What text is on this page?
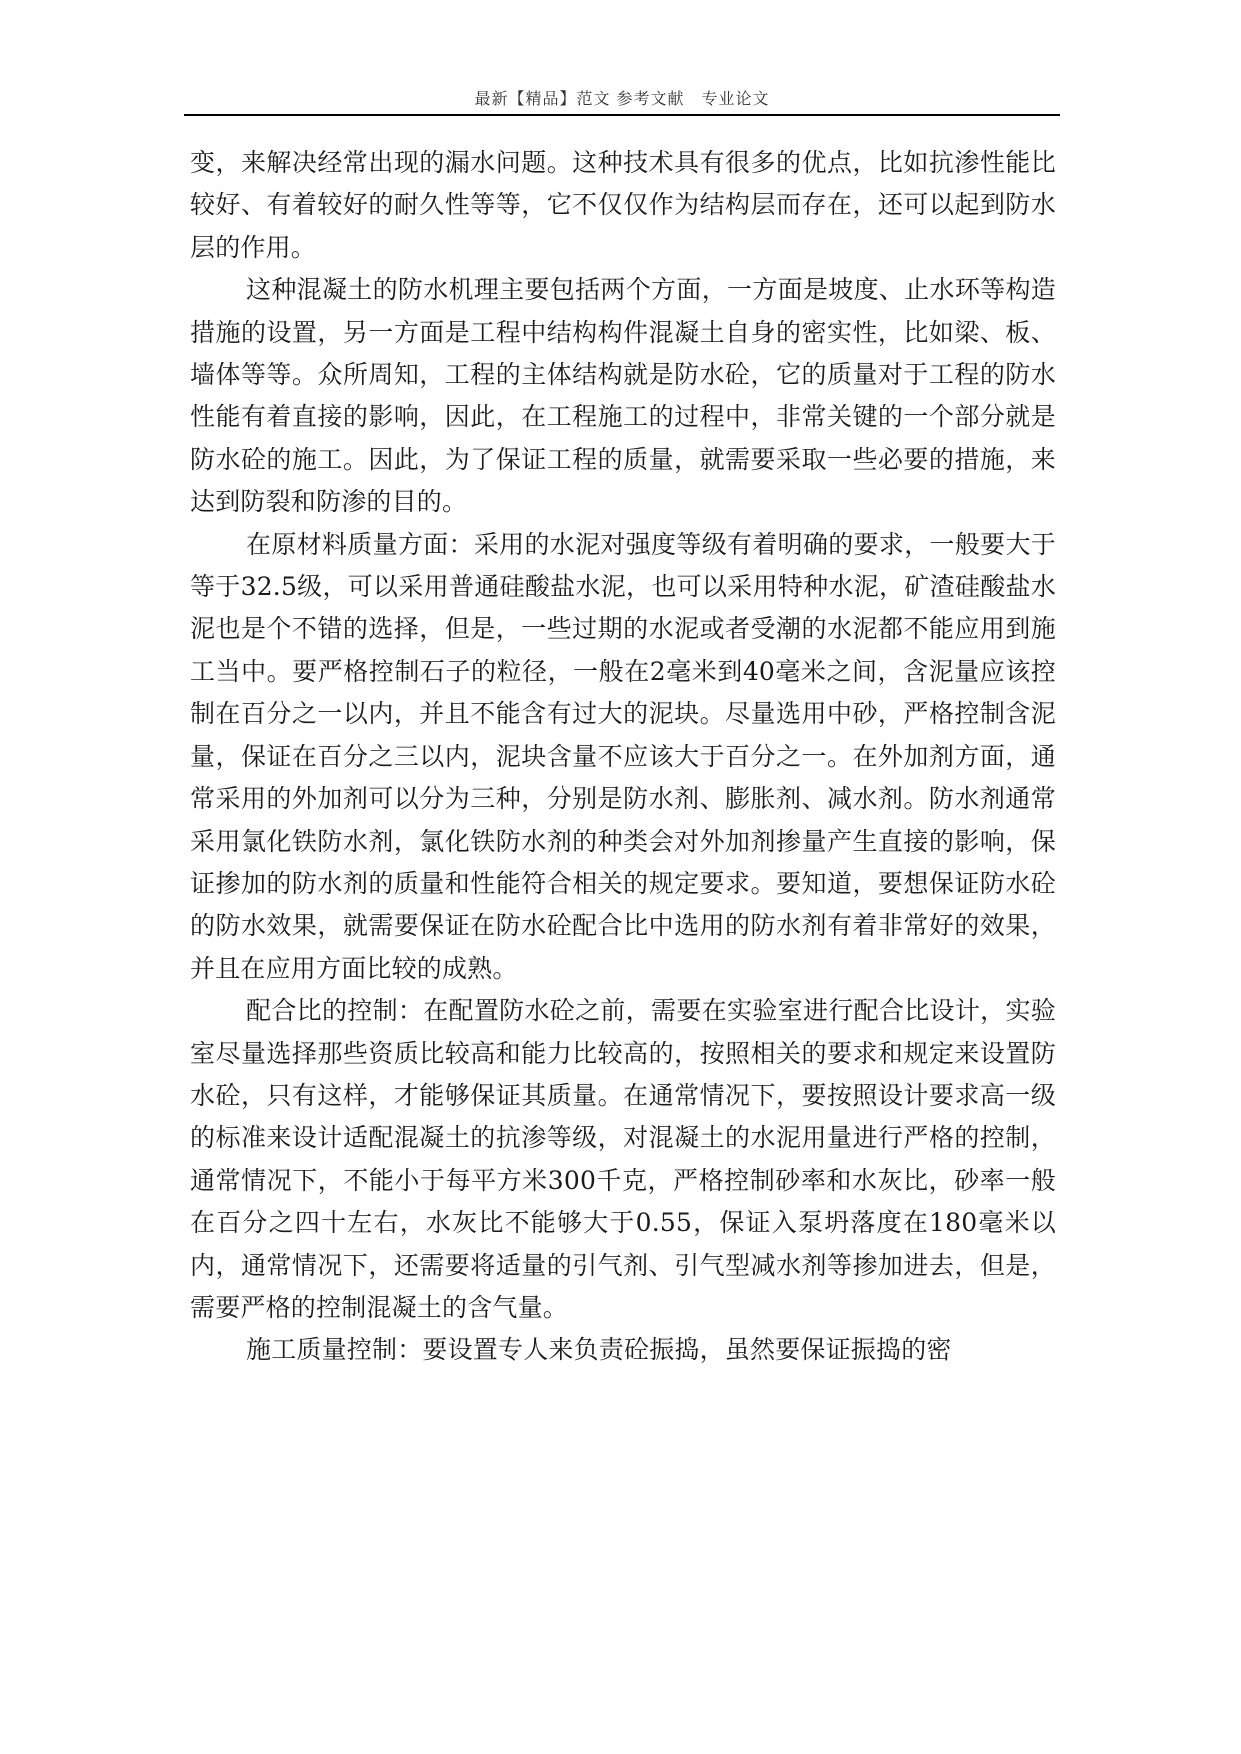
最新【精品】范文 参考文献　专业论文

变，来解决经常出现的漏水问题。这种技术具有很多的优点，比如抗渗性能比较好、有着较好的耐久性等等，它不仅仅作为结构层而存在，还可以起到防水层的作用。

这种混凝土的防水机理主要包括两个方面，一方面是坡度、止水环等构造措施的设置，另一方面是工程中结构构件混凝土自身的密实性，比如梁、板、墙体等等。众所周知，工程的主体结构就是防水砼，它的质量对于工程的防水性能有着直接的影响，因此，在工程施工的过程中，非常关键的一个部分就是防水砼的施工。因此，为了保证工程的质量，就需要采取一些必要的措施，来达到防裂和防渗的目的。

在原材料质量方面：采用的水泥对强度等级有着明确的要求，一般要大于等于32.5级，可以采用普通硅酸盐水泥，也可以采用特种水泥，矿渣硅酸盐水泥也是个不错的选择，但是，一些过期的水泥或者受潮的水泥都不能应用到施工当中。要严格控制石子的粒径，一般在2毫米到40毫米之间，含泥量应该控制在百分之一以内，并且不能含有过大的泥块。尽量选用中砂，严格控制含泥量，保证在百分之三以内，泥块含量不应该大于百分之一。在外加剂方面，通常采用的外加剂可以分为三种，分别是防水剂、膨胀剂、减水剂。防水剂通常采用氯化铁防水剂，氯化铁防水剂的种类会对外加剂掺量产生直接的影响，保证掺加的防水剂的质量和性能符合相关的规定要求。要知道，要想保证防水砼的防水效果，就需要保证在防水砼配合比中选用的防水剂有着非常好的效果，并且在应用方面比较的成熟。

配合比的控制：在配置防水砼之前，需要在实验室进行配合比设计，实验室尽量选择那些资质比较高和能力比较高的，按照相关的要求和规定来设置防水砼，只有这样，才能够保证其质量。在通常情况下，要按照设计要求高一级的标准来设计适配混凝土的抗渗等级，对混凝土的水泥用量进行严格的控制，通常情况下，不能小于每平方米300千克，严格控制砂率和水灰比，砂率一般在百分之四十左右，水灰比不能够大于0.55，保证入泵坍落度在180毫米以内，通常情况下，还需要将适量的引气剂、引气型减水剂等掺加进去，但是，需要严格的控制混凝土的含气量。

施工质量控制：要设置专人来负责砼振捣，虽然要保证振捣的密
